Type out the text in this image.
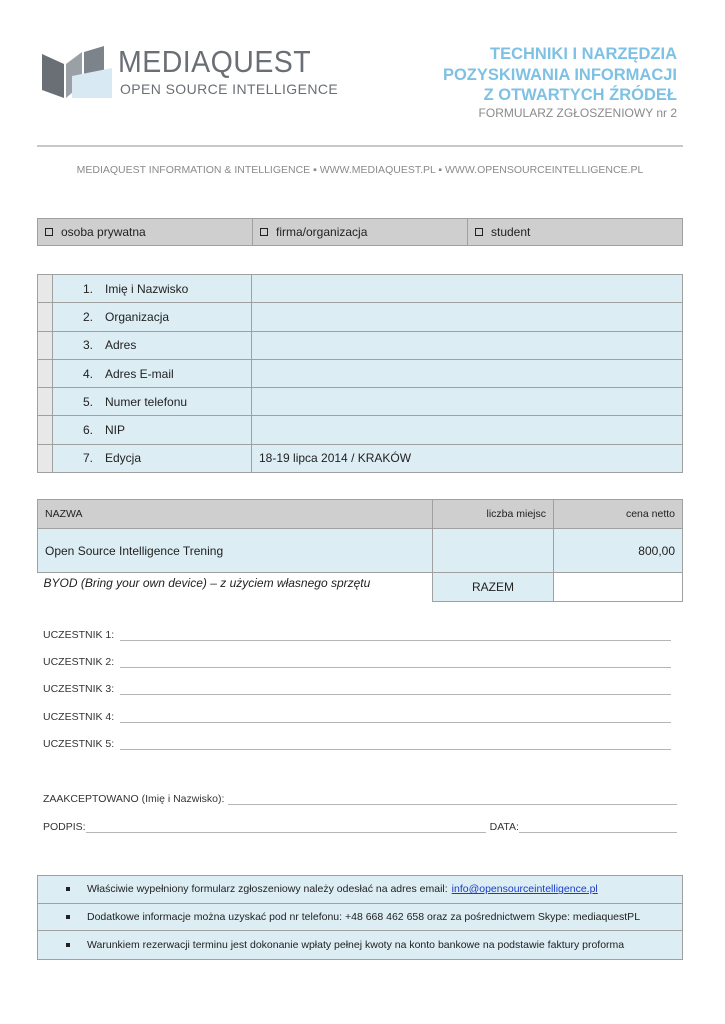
MEDIAQUEST
OPEN SOURCE INTELLIGENCE
TECHNIKI I NARZĘDZIA
POZYSKIWANIA INFORMACJI
Z OTWARTYCH ŹRÓDEŁ
FORMULARZ ZGŁOSZENIOWY nr 2
MEDIAQUEST INFORMATION & INTELLIGENCE ▪ WWW.MEDIAQUEST.PL ▪ WWW.OPENSOURCEINTELLIGENCE.PL
osoba prywatna	firma/organizacja	student
	1. Imię i Nazwisko	
	2. Organizacja	
	3. Adres	
	4. Adres E-mail	
	5. Numer telefonu	
	6. NIP	
	7. Edycja	18-19 lipca 2014 / KRAKÓW
NAZWA	liczba miejsc	cena netto
Open Source Intelligence Trening		800,00
BYOD (Bring your own device) – z użyciem własnego sprzętu	RAZEM	
UCZESTNIK 1:
UCZESTNIK 2:
UCZESTNIK 3:
UCZESTNIK 4:
UCZESTNIK 5:
ZAAKCEPTOWANO (Imię i Nazwisko):
PODPIS:	DATA:
Właściwie wypełniony formularz zgłoszeniowy należy odesłać na adres email: info@opensourceintelligence.pl
Dodatkowe informacje można uzyskać pod nr telefonu: +48 668 462 658 oraz za pośrednictwem Skype: mediaquestPL
Warunkiem rezerwacji terminu jest dokonanie wpłaty pełnej kwoty na konto bankowe na podstawie faktury proforma
